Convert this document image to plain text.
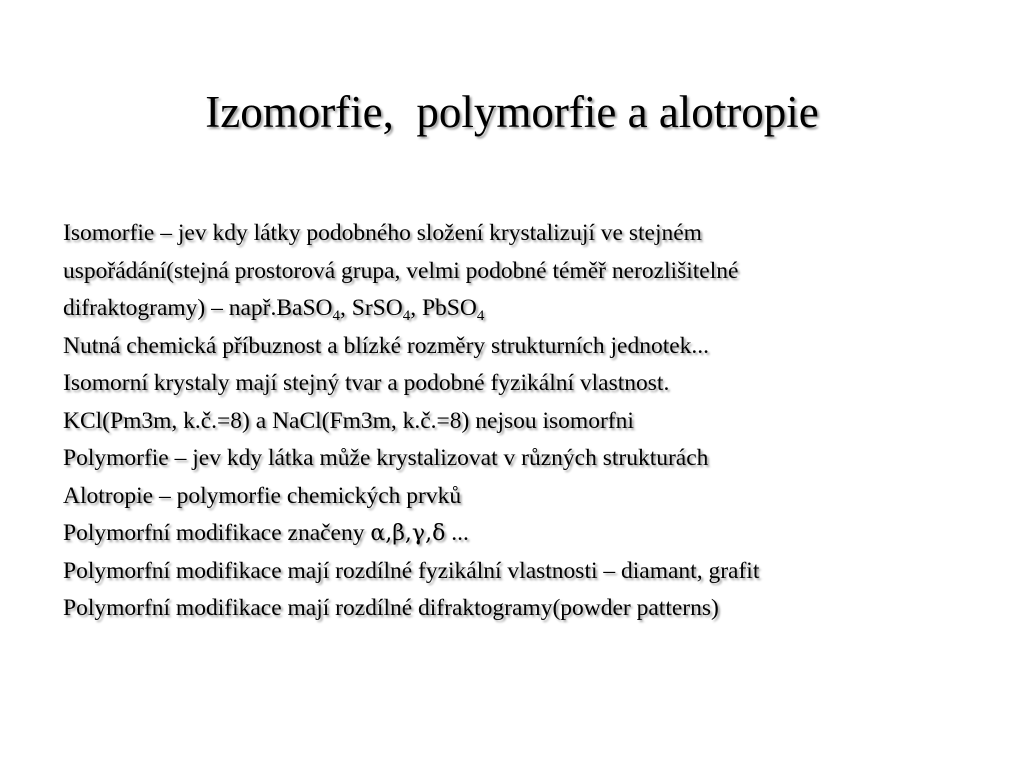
Izomorfie,  polymorfie a alotropie
Isomorfie – jev kdy látky podobného složení krystalizují ve stejném
uspořádání(stejná prostorová grupa, velmi podobné téměř nerozlišitelné
difraktogramy) – např.BaSO$_4$, SrSO$_4$, PbSO$_4$
Nutná chemická příbuznost a blízké rozměry strukturních jednotek...
Isomorní krystaly mají stejný tvar a podobné fyzikální vlastnost.
KCl(Pm3m, k.č.=8) a NaCl(Fm3m, k.č.=8) nejsou isomorfni
Polymorfie – jev kdy látka může krystalizovat v různých strukturách
Alotropie – polymorfie chemických prvků
Polymorfní modifikace značeny α,β,γ,δ ...
Polymorfní modifikace mají rozdílné fyzikální vlastnosti – diamant, grafit
Polymorfní modifikace mají rozdílné difraktogramy(powder patterns)
